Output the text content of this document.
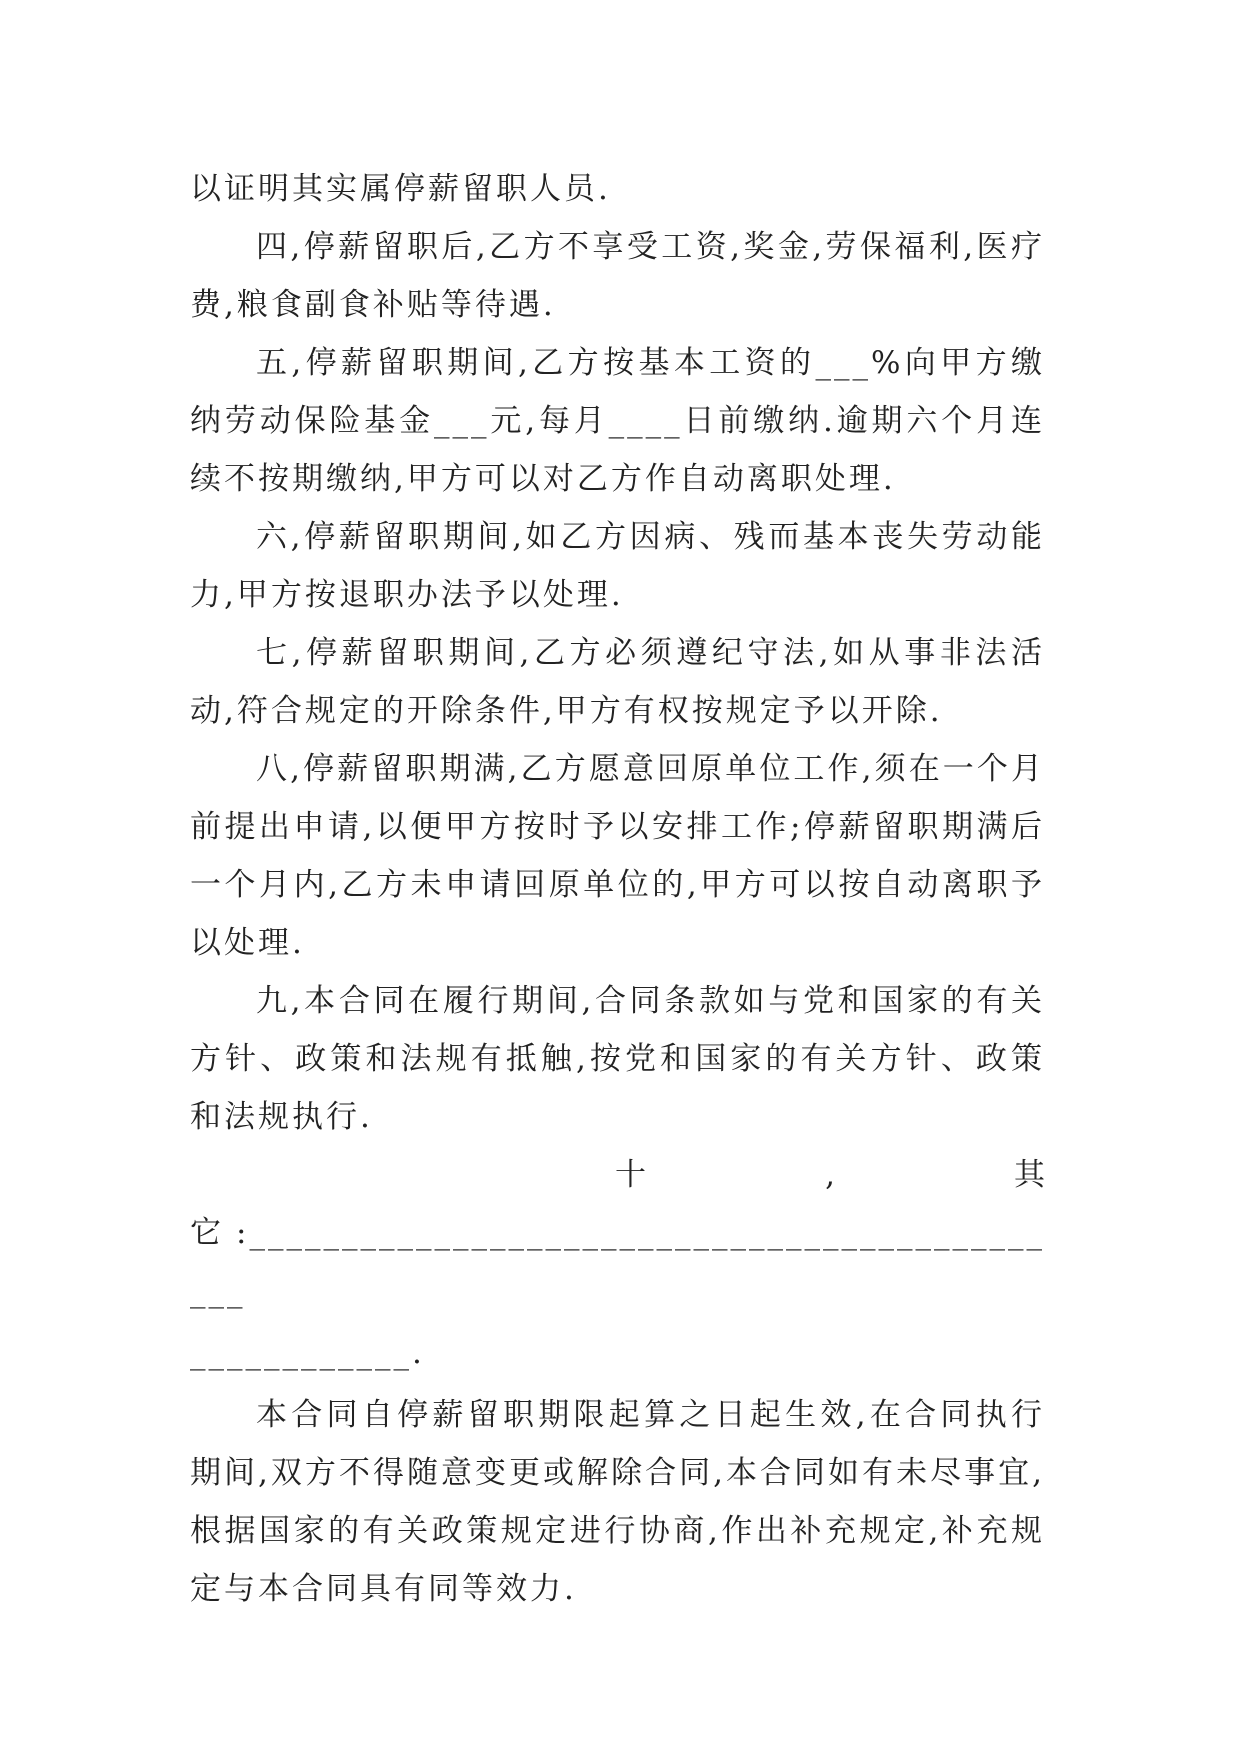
以证明其实属停薪留职人员.

四,停薪留职后,乙方不享受工资,奖金,劳保福利,医疗费,粮食副食补贴等待遇.

五,停薪留职期间,乙方按基本工资的___%向甲方缴纳劳动保险基金___元,每月____日前缴纳.逾期六个月连续不按期缴纳,甲方可以对乙方作自动离职处理.

六,停薪留职期间,如乙方因病、残而基本丧失劳动能力,甲方按退职办法予以处理.

七,停薪留职期间,乙方必须遵纪守法,如从事非法活动,符合规定的开除条件,甲方有权按规定予以开除.

八,停薪留职期满,乙方愿意回原单位工作,须在一个月前提出申请,以便甲方按时予以安排工作;停薪留职期满后一个月内,乙方未申请回原单位的,甲方可以按自动离职予以处理.

九,本合同在履行期间,合同条款如与党和国家的有关方针、政策和法规有抵触,按党和国家的有关方针、政策和法规执行.

十	,	其

它:______________________________________________

____________.

本合同自停薪留职期限起算之日起生效,在合同执行期间,双方不得随意变更或解除合同,本合同如有未尽事宜,根据国家的有关政策规定进行协商,作出补充规定,补充规定与本合同具有同等效力.
